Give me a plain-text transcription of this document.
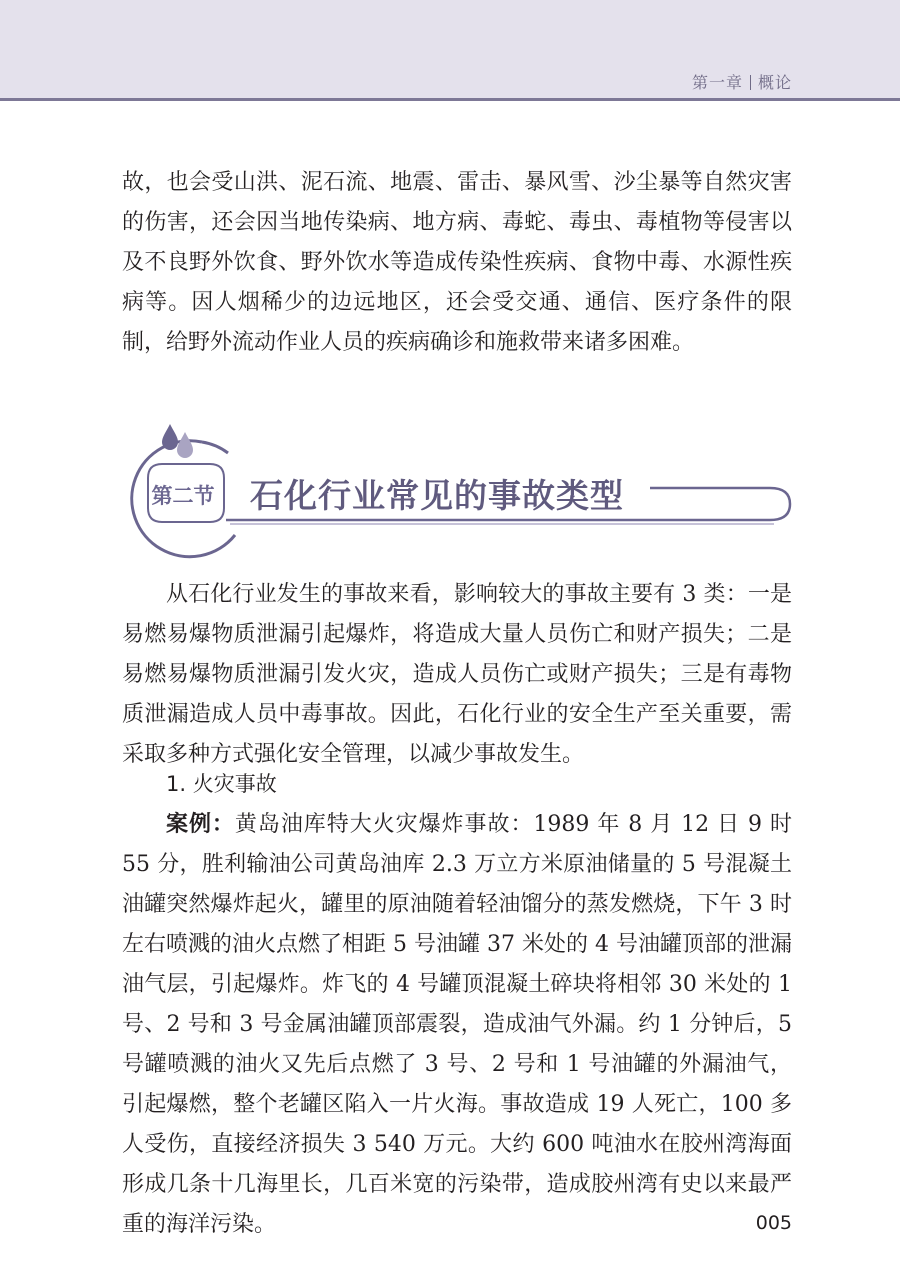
第一章 概论

故，也会受山洪、泥石流、地震、雷击、暴风雪、沙尘暴等自然灾害的伤害，还会因当地传染病、地方病、毒蛇、毒虫、毒植物等侵害以及不良野外饮食、野外饮水等造成传染性疾病、食物中毒、水源性疾病等。因人烟稀少的边远地区，还会受交通、通信、医疗条件的限制，给野外流动作业人员的疾病确诊和施救带来诸多困难。

第二节 石化行业常见的事故类型

从石化行业发生的事故来看，影响较大的事故主要有 3 类：一是易燃易爆物质泄漏引起爆炸，将造成大量人员伤亡和财产损失；二是易燃易爆物质泄漏引发火灾，造成人员伤亡或财产损失；三是有毒物质泄漏造成人员中毒事故。因此，石化行业的安全生产至关重要，需采取多种方式强化安全管理，以减少事故发生。

1. 火灾事故

案例：黄岛油库特大火灾爆炸事故：1989 年 8 月 12 日 9 时 55 分，胜利输油公司黄岛油库 2.3 万立方米原油储量的 5 号混凝土油罐突然爆炸起火，罐里的原油随着轻油馏分的蒸发燃烧，下午 3 时左右喷溅的油火点燃了相距 5 号油罐 37 米处的 4 号油罐顶部的泄漏油气层，引起爆炸。炸飞的 4 号罐顶混凝土碎块将相邻 30 米处的 1 号、2 号和 3 号金属油罐顶部震裂，造成油气外漏。约 1 分钟后，5 号罐喷溅的油火又先后点燃了 3 号、2 号和 1 号油罐的外漏油气，引起爆燃，整个老罐区陷入一片火海。事故造成 19 人死亡，100 多人受伤，直接经济损失 3 540 万元。大约 600 吨油水在胶州湾海面形成几条十几海里长，几百米宽的污染带，造成胶州湾有史以来最严重的海洋污染。	005
